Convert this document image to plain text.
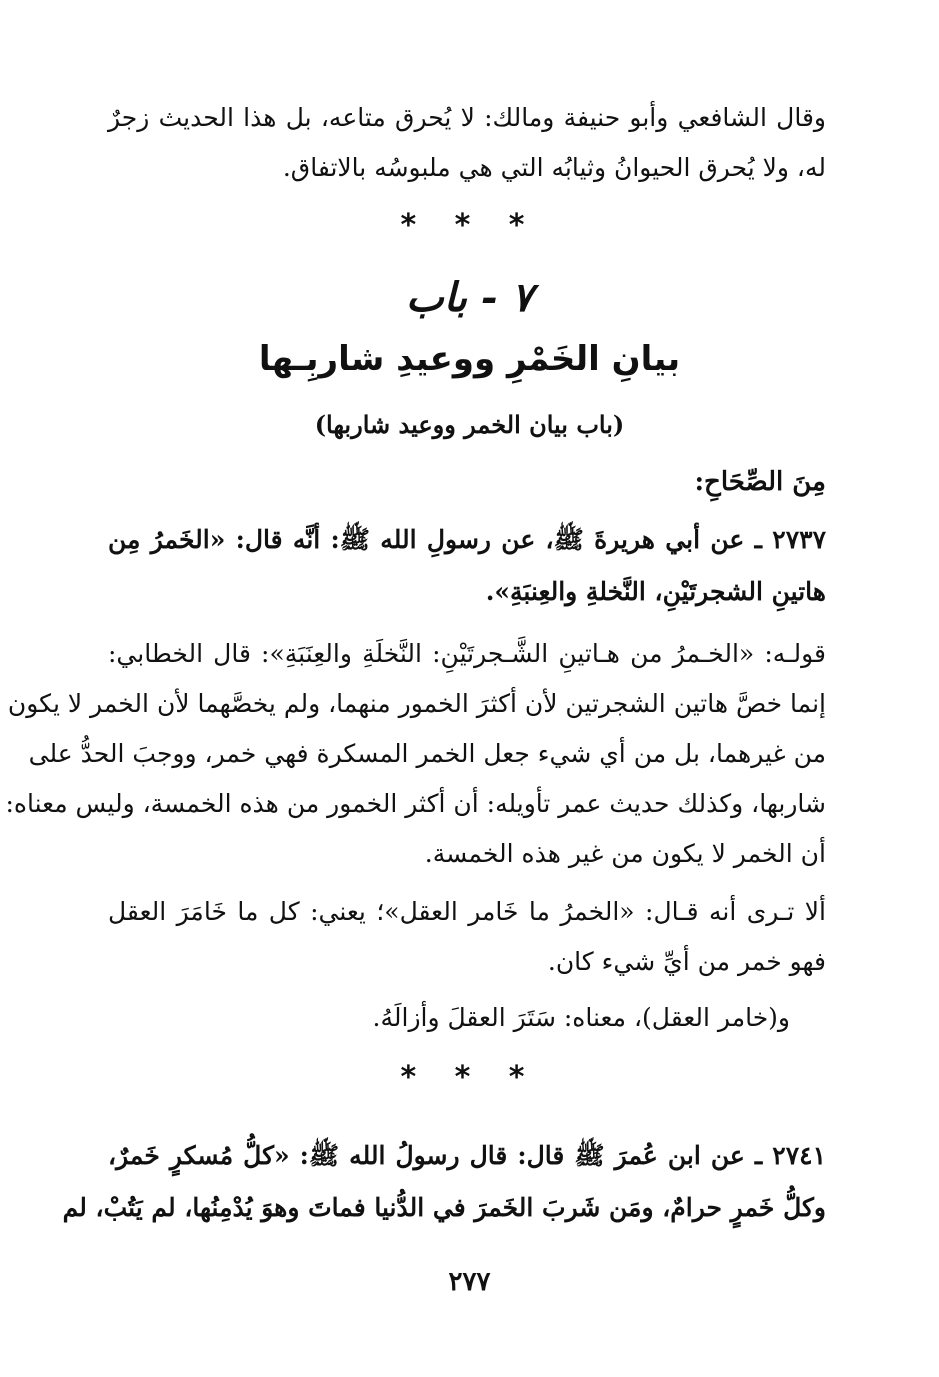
وقال الشافعي وأبو حنيفة ومالك: لا يُحرق متاعه، بل هذا الحديث زجرٌ
له، ولا يُحرق الحيوانُ وثيابُه التي هي ملبوسُه بالاتفاق.
* * *
٧ - باب
بيانِ الخَمْرِ ووعيدِ شاربِـها
(باب بيان الخمر ووعيد شاربها)
مِنَ الصِّحَاحِ:
٢٧٣٧ ـ عن أبي هريرةَ ﷺ، عن رسولِ الله ﷺ: أنَّه قال: «الخَمرُ مِن
هاتينِ الشجرتَيْنِ، النَّخلةِ والعِنبَةِ».
قولـه: «الخـمرُ من هـاتينِ الشَّـجرتَيْنِ: النَّخلَةِ والعِنَبَةِ»: قال الخطابي:
إنما خصَّ هاتين الشجرتين لأن أكثرَ الخمور منهما، ولم يخصَّهما لأن الخمر لا يكون
من غيرهما، بل من أي شيء جعل الخمر المسكرة فهي خمر، ووجبَ الحدُّ على
شاربها، وكذلك حديث عمر تأويله: أن أكثر الخمور من هذه الخمسة، وليس معناه:
أن الخمر لا يكون من غير هذه الخمسة.
ألا تـرى أنه قـال: «الخمرُ ما خَامر العقل»؛ يعني: كل ما خَامَرَ العقل
فهو خمر من أيِّ شيء كان.
و(خامر العقل)، معناه: سَتَرَ العقلَ وأزالَهُ.
* * *
٢٧٤١ ـ عن ابن عُمرَ ﷺ قال: قال رسولُ الله ﷺ: «كلُّ مُسكرٍ خَمرٌ،
وكلُّ خَمرٍ حرامٌ، ومَن شَربَ الخَمرَ في الدُّنيا فماتَ وهوَ يُدْمِنُها، لم يَتُبْ، لم
٢٧٧
